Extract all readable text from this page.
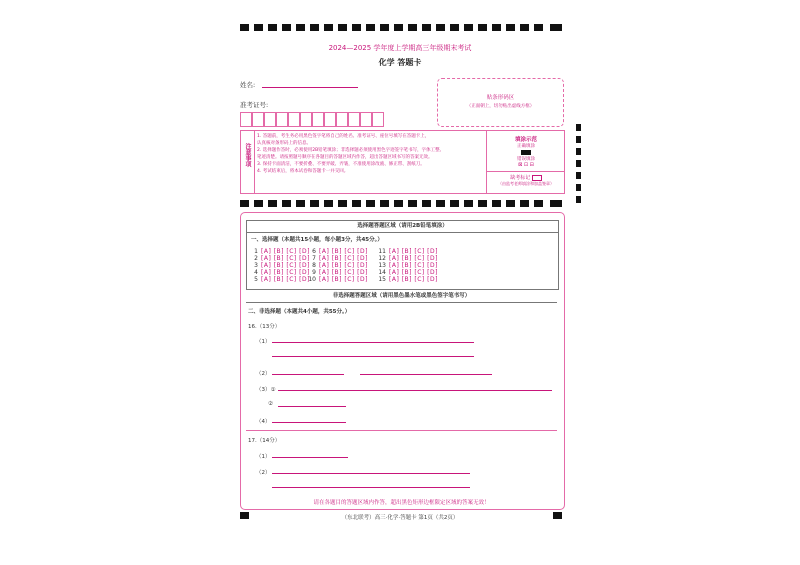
2024—2025 学年度上学期高三年级期末考试
化学 答题卡
姓名:
准考证号:
贴条形码区
（正面朝上，切勿贴出虚线方框）
注意事项
1. 答题前，考生务必用黑色签字笔将自己的姓名、准考证号、座位号填写在答题卡上，
认真核对条形码上的信息。
2. 选择题作答时，必须使用2B铅笔填涂；非选择题必须使用黑色字迹签字笔书写，字体工整、
笔迹清楚。请按照题号顺序在各题目的答题区域内作答，超出答题区域书写的答案无效。
3. 保持卡面清洁，不要折叠、不要弄破、弄皱，不准使用涂改液、修正带、刮纸刀。
4. 考试结束后，将本试卷和答题卡一并交回。
填涂示范
正确填涂
错误填涂
⊠ ⊡ ⊟
缺考标记
（由监考老师填涂和加盖签章）
选择题答题区域（请用2B铅笔填涂）
一、选择题（本题共15小题，每小题3分，共45分。）
1 [A] [B] [C] [D]
2 [A] [B] [C] [D]
3 [A] [B] [C] [D]
4 [A] [B] [C] [D]
5 [A] [B] [C] [D]
6 [A] [B] [C] [D]
7 [A] [B] [C] [D]
8 [A] [B] [C] [D]
9 [A] [B] [C] [D]
10 [A] [B] [C] [D]
11 [A] [B] [C] [D]
12 [A] [B] [C] [D]
13 [A] [B] [C] [D]
14 [A] [B] [C] [D]
15 [A] [B] [C] [D]
非选择题答题区域（请用黑色墨水笔或黑色签字笔书写）
二、非选择题（本题共4小题，共55分。）
16.（13分）
（1）
（2）
（3）①
②
（4）
17.（14分）
（1）
（2）
请在各题目的答题区域内作答，超出黑色矩形边框限定区域的答案无效！
（东北联考）高三·化学·答题卡 第1页（共2页）
